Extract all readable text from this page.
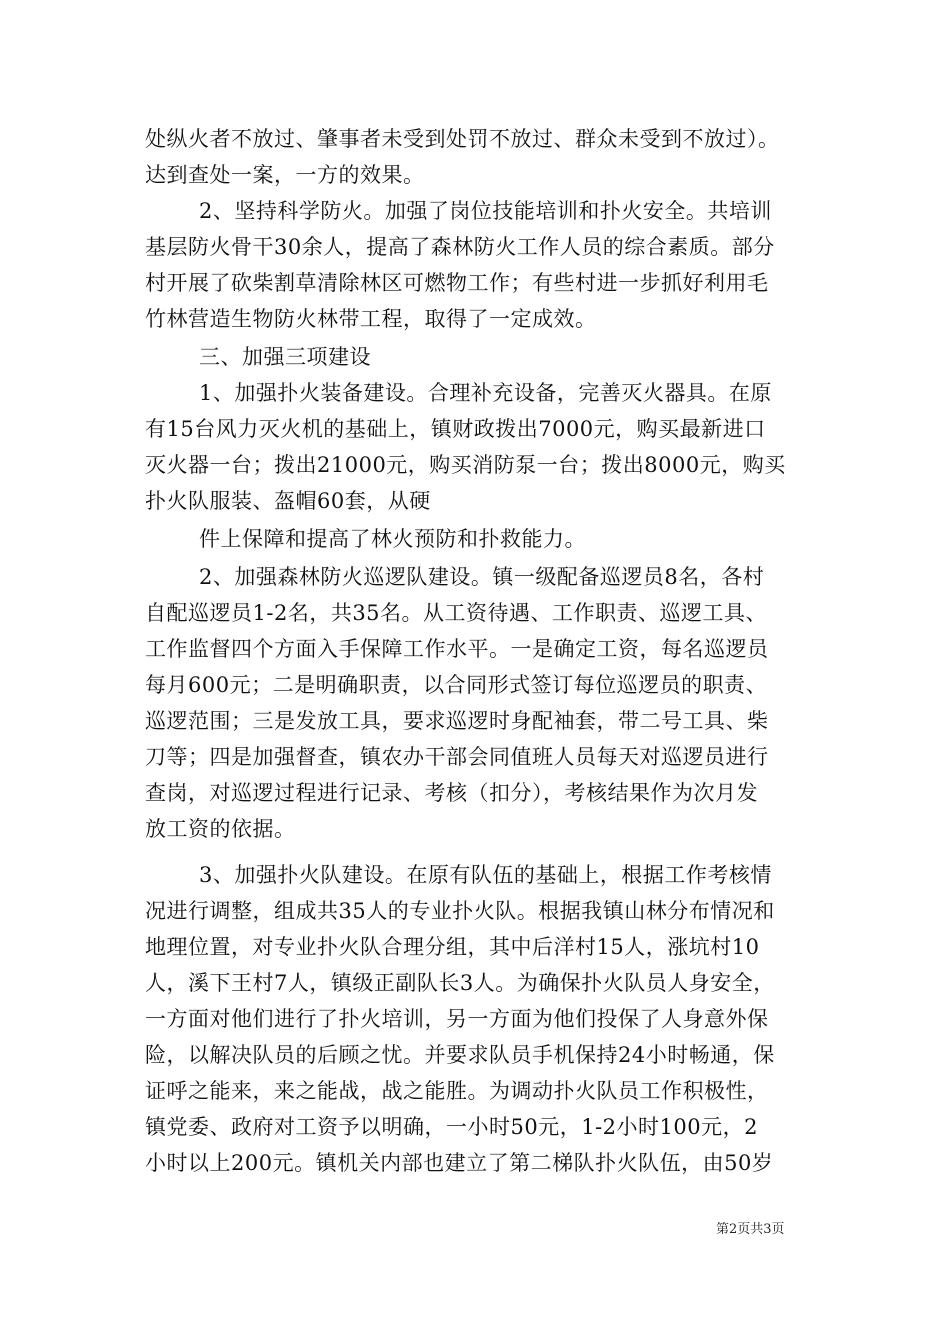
处纵火者不放过、肇事者未受到处罚不放过、群众未受到不放过）。
达到查处一案，一方的效果。
2、坚持科学防火。加强了岗位技能培训和扑火安全。共培训
基层防火骨干30余人，提高了森林防火工作人员的综合素质。部分
村开展了砍柴割草清除林区可燃物工作；有些村进一步抓好利用毛
竹林营造生物防火林带工程，取得了一定成效。
三、加强三项建设
1、加强扑火装备建设。合理补充设备，完善灭火器具。在原
有15台风力灭火机的基础上，镇财政拨出7000元，购买最新进口
灭火器一台；拨出21000元，购买消防泵一台；拨出8000元，购买
扑火队服装、盔帽60套，从硬
件上保障和提高了林火预防和扑救能力。
2、加强森林防火巡逻队建设。镇一级配备巡逻员8名，各村
自配巡逻员1-2名，共35名。从工资待遇、工作职责、巡逻工具、
工作监督四个方面入手保障工作水平。一是确定工资，每名巡逻员
每月600元；二是明确职责，以合同形式签订每位巡逻员的职责、
巡逻范围；三是发放工具，要求巡逻时身配袖套，带二号工具、柴
刀等；四是加强督查，镇农办干部会同值班人员每天对巡逻员进行
查岗，对巡逻过程进行记录、考核（扣分），考核结果作为次月发
放工资的依据。
3、加强扑火队建设。在原有队伍的基础上，根据工作考核情
况进行调整，组成共35人的专业扑火队。根据我镇山林分布情况和
地理位置，对专业扑火队合理分组，其中后洋村15人，涨坑村10
人，溪下王村7人，镇级正副队长3人。为确保扑火队员人身安全，
一方面对他们进行了扑火培训，另一方面为他们投保了人身意外保
险，以解决队员的后顾之忧。并要求队员手机保持24小时畅通，保
证呼之能来，来之能战，战之能胜。为调动扑火队员工作积极性，
镇党委、政府对工资予以明确，一小时50元，1-2小时100元，2
小时以上200元。镇机关内部也建立了第二梯队扑火队伍，由50岁
第2页共3页
